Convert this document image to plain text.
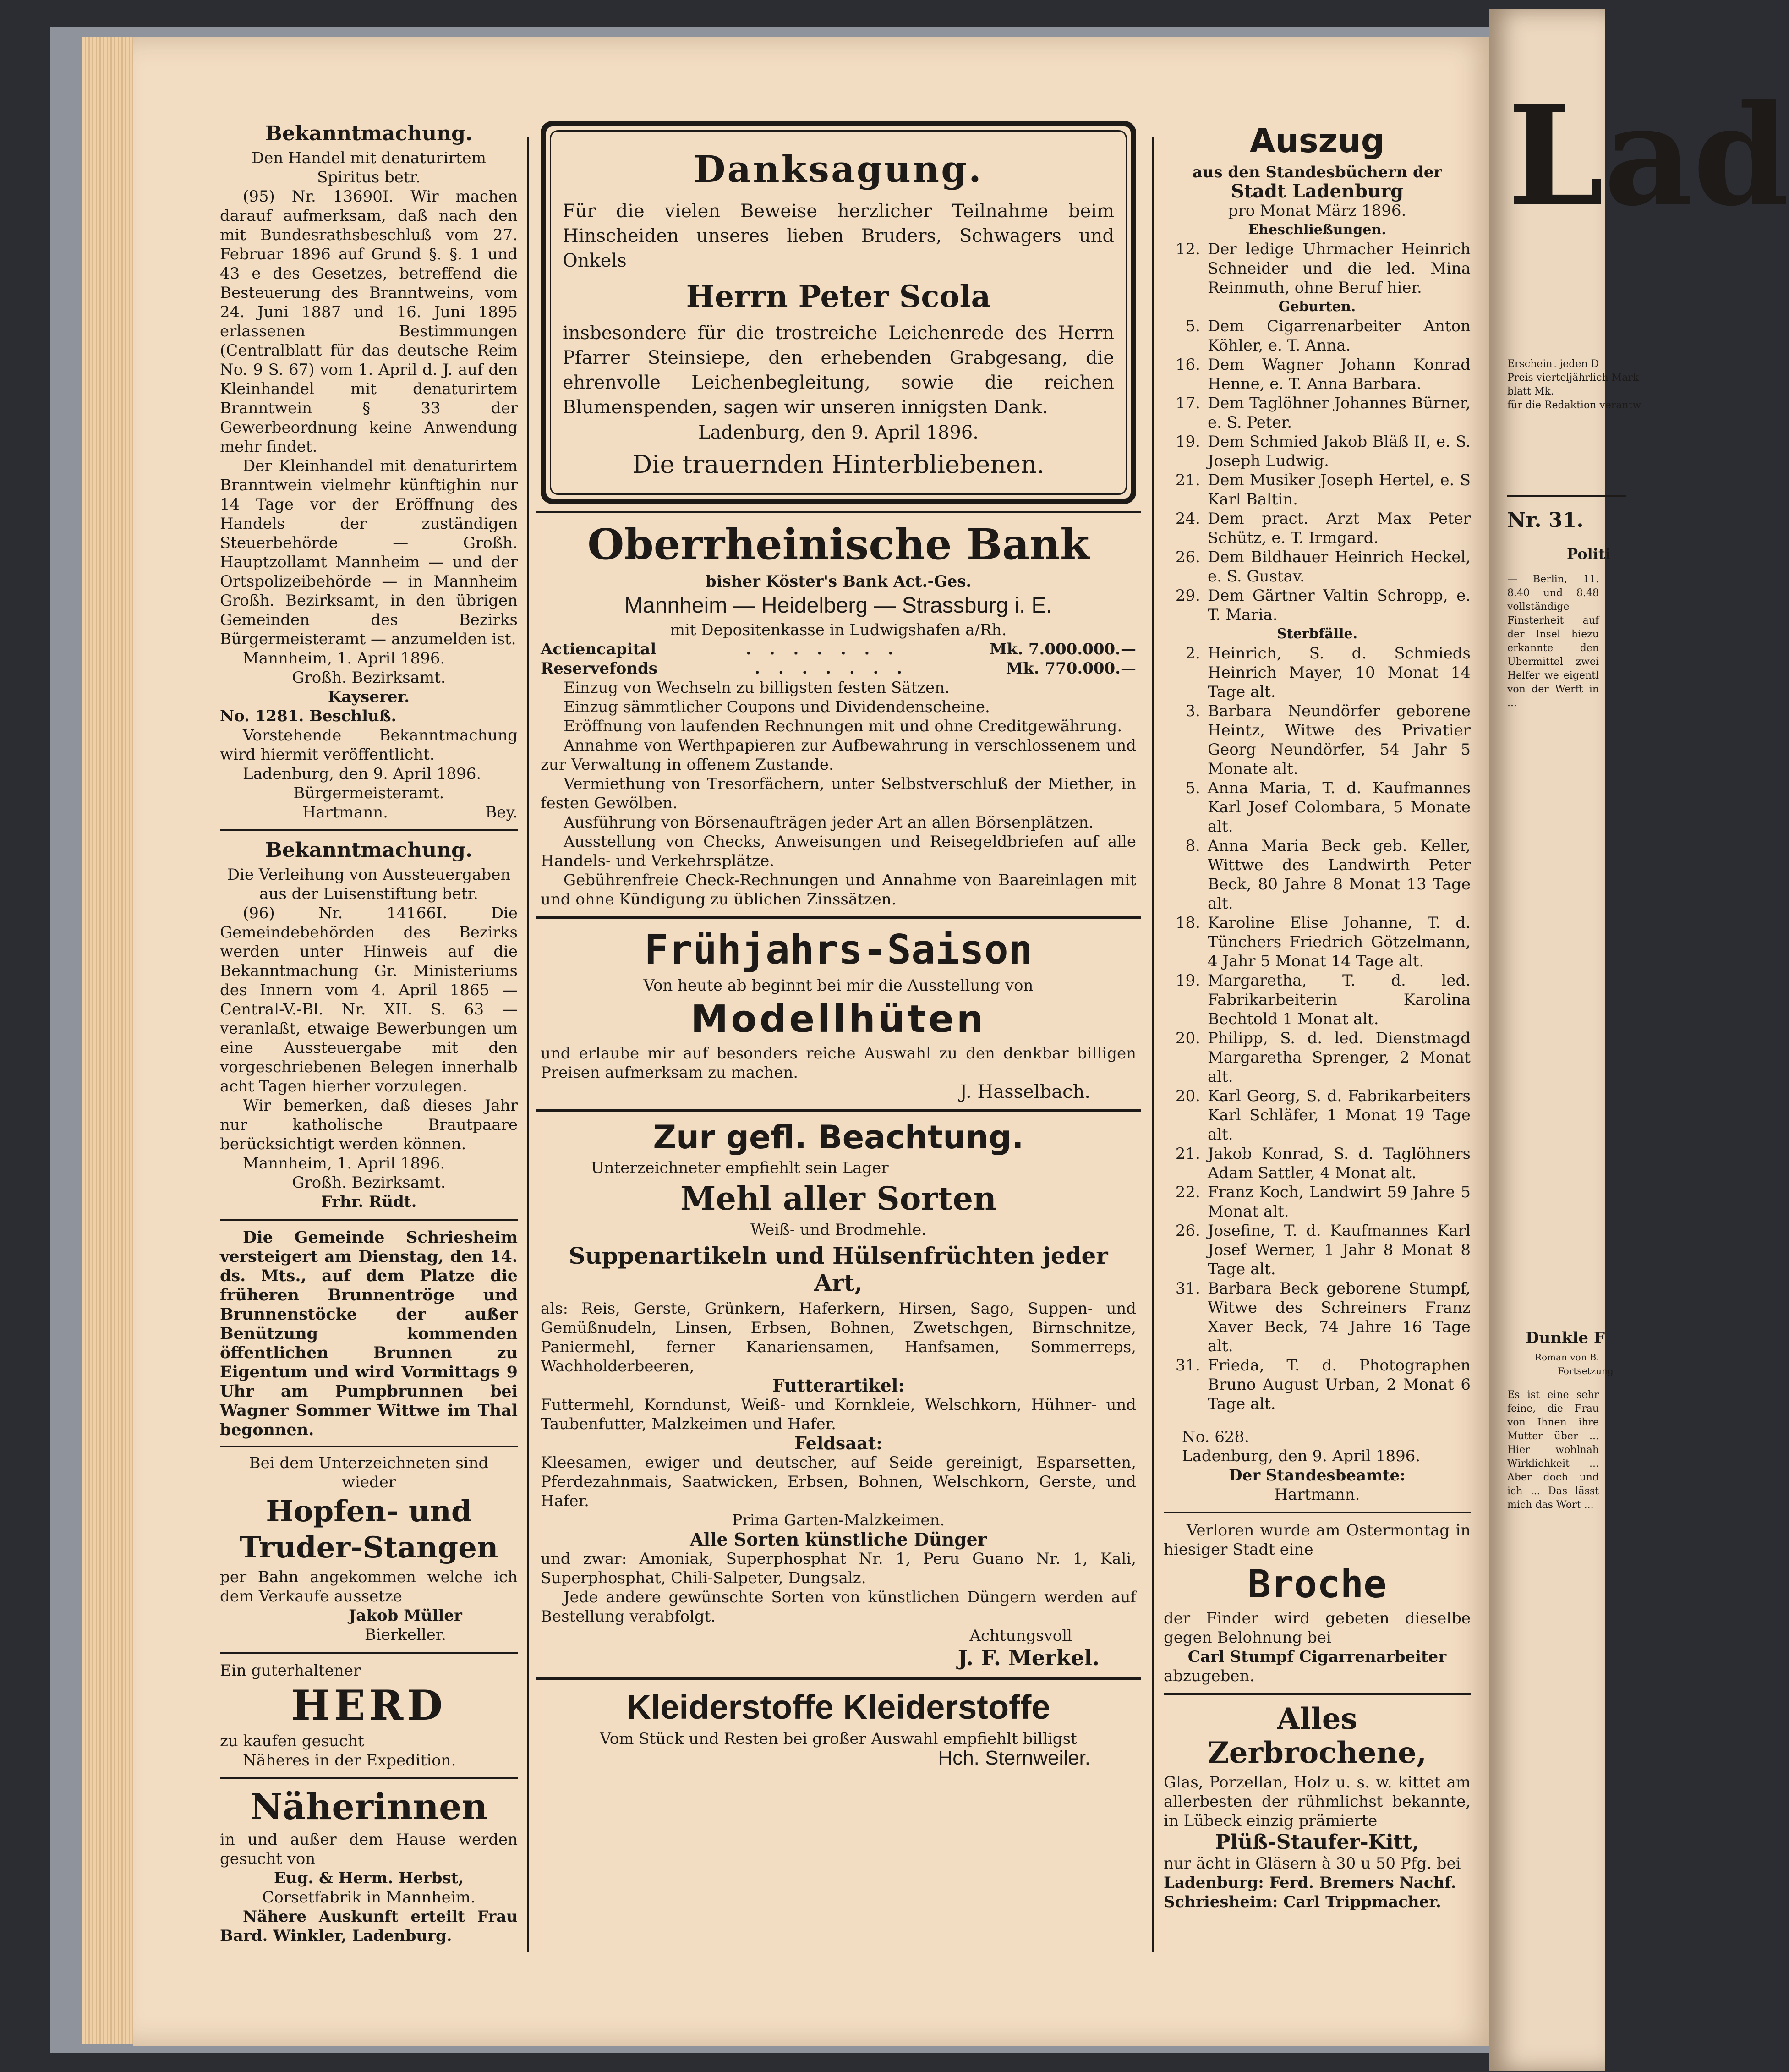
Bekanntmachung.

Den Handel mit denaturirtem Spiritus betr.

(95) Nr. 13690I. Wir machen darauf aufmerksam, daß nach den mit Bundesrathsbeschluß vom 27. Februar 1896 auf Grund §. §. 1 und 43 e des Gesetzes, betreffend die Besteuerung des Branntweins, vom 24. Juni 1887 und 16. Juni 1895 erlassenen Bestimmungen (Centralblatt für das deutsche Reim No. 9 S. 67) vom 1. April d. J. auf den Kleinhandel mit denaturirtem Branntwein § 33 der Gewerbeordnung keine Anwendung mehr findet.

Der Kleinhandel mit denaturirtem Branntwein vielmehr künftighin nur 14 Tage vor der Eröffnung des Handels der zuständigen Steuerbehörde — Großh. Hauptzollamt Mannheim — und der Ortspolizeibehörde — in Mannheim Großh. Bezirksamt, in den übrigen Gemeinden des Bezirks Bürgermeisteramt — anzumelden ist.

Mannheim, 1. April 1896.

Großh. Bezirksamt.

Kayserer.

No. 1281. Beschluß.

Vorstehende Bekanntmachung wird hiermit veröffentlicht.

Ladenburg, den 9. April 1896.

Bürgermeisteramt.

Hartmann.	Bey.

Bekanntmachung.

Die Verleihung von Aussteuergaben aus der Luisenstiftung betr.

(96) Nr. 14166I. Die Gemeindebehörden des Bezirks werden unter Hinweis auf die Bekanntmachung Gr. Ministeriums des Innern vom 4. April 1865 — Central-V.-Bl. Nr. XII. S. 63 — veranlaßt, etwaige Bewerbungen um eine Aussteuergabe mit den vorgeschriebenen Belegen innerhalb acht Tagen hierher vorzulegen.

Wir bemerken, daß dieses Jahr nur katholische Brautpaare berücksichtigt werden können.

Mannheim, 1. April 1896.

Großh. Bezirksamt.

Frhr. Rüdt.

Die Gemeinde Schriesheim versteigert am Dienstag, den 14. ds. Mts., auf dem Platze die früheren Brunnentröge und Brunnenstöcke der außer Benützung kommenden öffentlichen Brunnen zu Eigentum und wird Vormittags 9 Uhr am Pumpbrunnen bei Wagner Sommer Wittwe im Thal begonnen.

Bei dem Unterzeichneten sind wieder

Hopfen- und

Truder-Stangen

per Bahn angekommen welche ich dem Verkaufe aussetze

Jakob Müller

Bierkeller.

Ein guterhaltener

HERD

zu kaufen gesucht

Näheres in der Expedition.

Näherinnen

in und außer dem Hause werden gesucht von

Eug. & Herm. Herbst,

Corsetfabrik in Mannheim.

Nähere Auskunft erteilt Frau Bard. Winkler, Ladenburg.

Danksagung.

Für die vielen Beweise herzlicher Teilnahme beim Hinscheiden unseres lieben Bruders, Schwagers und Onkels

Herrn Peter Scola

insbesondere für die trostreiche Leichenrede des Herrn Pfarrer Steinsiepe, den erhebenden Grabgesang, die ehrenvolle Leichenbegleitung, sowie die reichen Blumenspenden, sagen wir unseren innigsten Dank.

Ladenburg, den 9. April 1896.

Die trauernden Hinterbliebenen.

Oberrheinische Bank

bisher Köster's Bank Act.-Ges.

Mannheim — Heidelberg — Strassburg i. E.

mit Depositenkasse in Ludwigshafen a/Rh.

Actiencapital	. . . . . . .	Mk. 7.000.000.—
Reservefonds	. . . . . . .	Mk. 770.000.—

Einzug von Wechseln zu billigsten festen Sätzen.

Einzug sämmtlicher Coupons und Dividendenscheine.

Eröffnung von laufenden Rechnungen mit und ohne Creditgewährung.

Annahme von Werthpapieren zur Aufbewahrung in verschlossenem und zur Verwaltung in offenem Zustande.

Vermiethung von Tresorfächern, unter Selbstverschluß der Miether, in festen Gewölben.

Ausführung von Börsenaufträgen jeder Art an allen Börsenplätzen.

Ausstellung von Checks, Anweisungen und Reisegeldbriefen auf alle Handels- und Verkehrsplätze.

Gebührenfreie Check-Rechnungen und Annahme von Baareinlagen mit und ohne Kündigung zu üblichen Zinssätzen.

Frühjahrs-Saison

Von heute ab beginnt bei mir die Ausstellung von

Modellhüten

und erlaube mir auf besonders reiche Auswahl zu den denkbar billigen Preisen aufmerksam zu machen.

J. Hasselbach.

Zur gefl. Beachtung.

Unterzeichneter empfiehlt sein Lager

Mehl aller Sorten

Weiß- und Brodmehle.

Suppenartikeln und Hülsenfrüchten jeder Art,

als: Reis, Gerste, Grünkern, Haferkern, Hirsen, Sago, Suppen- und Gemüßnudeln, Linsen, Erbsen, Bohnen, Zwetschgen, Birnschnitze, Paniermehl, ferner Kanariensamen, Hanfsamen, Sommerreps, Wachholderbeeren,

Futterartikel:

Futtermehl, Korndunst, Weiß- und Kornkleie, Welschkorn, Hühner- und Taubenfutter, Malzkeimen und Hafer.

Feldsaat:

Kleesamen, ewiger und deutscher, auf Seide gereinigt, Esparsetten, Pferdezahnmais, Saatwicken, Erbsen, Bohnen, Welschkorn, Gerste, und Hafer.

Prima Garten-Malzkeimen.

Alle Sorten künstliche Dünger

und zwar: Amoniak, Superphosphat Nr. 1, Peru Guano Nr. 1, Kali, Superphosphat, Chili-Salpeter, Dungsalz.

Jede andere gewünschte Sorten von künstlichen Düngern werden auf Bestellung verabfolgt.

Achtungsvoll

J. F. Merkel.

Kleiderstoffe Kleiderstoffe

Vom Stück und Resten bei großer Auswahl empfiehlt billigst

Hch. Sternweiler.

Auszug

aus den Standesbüchern der

Stadt Ladenburg

pro Monat März 1896.

Eheschließungen.

12. Der ledige Uhrmacher Heinrich Schneider und die led. Mina Reinmuth, ohne Beruf hier.

Geburten.

5. Dem Cigarrenarbeiter Anton Köhler, e. T. Anna.
16. Dem Wagner Johann Konrad Henne, e. T. Anna Barbara.
17. Dem Taglöhner Johannes Bürner, e. S. Peter.
19. Dem Schmied Jakob Bläß II, e. S. Joseph Ludwig.
21. Dem Musiker Joseph Hertel, e. S Karl Baltin.
24. Dem pract. Arzt Max Peter Schütz, e. T. Irmgard.
26. Dem Bildhauer Heinrich Heckel, e. S. Gustav.
29. Dem Gärtner Valtin Schropp, e. T. Maria.

Sterbfälle.

2. Heinrich, S. d. Schmieds Heinrich Mayer, 10 Monat 14 Tage alt.
3. Barbara Neundörfer geborene Heintz, Witwe des Privatier Georg Neundörfer, 54 Jahr 5 Monate alt.
5. Anna Maria, T. d. Kaufmannes Karl Josef Colombara, 5 Monate alt.
8. Anna Maria Beck geb. Keller, Wittwe des Landwirth Peter Beck, 80 Jahre 8 Monat 13 Tage alt.
18. Karoline Elise Johanne, T. d. Tünchers Friedrich Götzelmann, 4 Jahr 5 Monat 14 Tage alt.
19. Margaretha, T. d. led. Fabrikarbeiterin Karolina Bechtold 1 Monat alt.
20. Philipp, S. d. led. Dienstmagd Margaretha Sprenger, 2 Monat alt.
20. Karl Georg, S. d. Fabrikarbeiters Karl Schläfer, 1 Monat 19 Tage alt.
21. Jakob Konrad, S. d. Taglöhners Adam Sattler, 4 Monat alt.
22. Franz Koch, Landwirt 59 Jahre 5 Monat alt.
26. Josefine, T. d. Kaufmannes Karl Josef Werner, 1 Jahr 8 Monat 8 Tage alt.
31. Barbara Beck geborene Stumpf, Witwe des Schreiners Franz Xaver Beck, 74 Jahre 16 Tage alt.
31. Frieda, T. d. Photographen Bruno August Urban, 2 Monat 6 Tage alt.

No. 628.

Ladenburg, den 9. April 1896.

Der Standesbeamte:

Hartmann.

Verloren wurde am Ostermontag in hiesiger Stadt eine

Broche

der Finder wird gebeten dieselbe gegen Belohnung bei

Carl Stumpf Cigarrenarbeiter

abzugeben.

Alles Zerbrochene,

Glas, Porzellan, Holz u. s. w. kittet am allerbesten der rühmlichst bekannte, in Lübeck einzig prämierte

Plüß-Staufer-Kitt,

nur ächt in Gläsern à 30 u 50 Pfg. bei

Ladenburg: Ferd. Bremers Nachf.

Schriesheim: Carl Trippmacher.

Lad
Erscheint jeden D
Preis vierteljährlich Mark
blatt Mk.
für die Redaktion verantw
Nr. 31.
Politi
— Berlin, 11. 8.40 und 8.48 vollständige Finsterheit auf der Insel hiezu erkannte den Ubermittel zwei Helfer we eigentl von der Werft in ...
Dunkle F
Roman von B.
Fortsetzung
Es ist eine sehr feine, die Frau von Ihnen ihre Mutter über ... Hier wohlnah Wirklichkeit ... Aber doch und ich ... Das lässt mich das Wort ...
